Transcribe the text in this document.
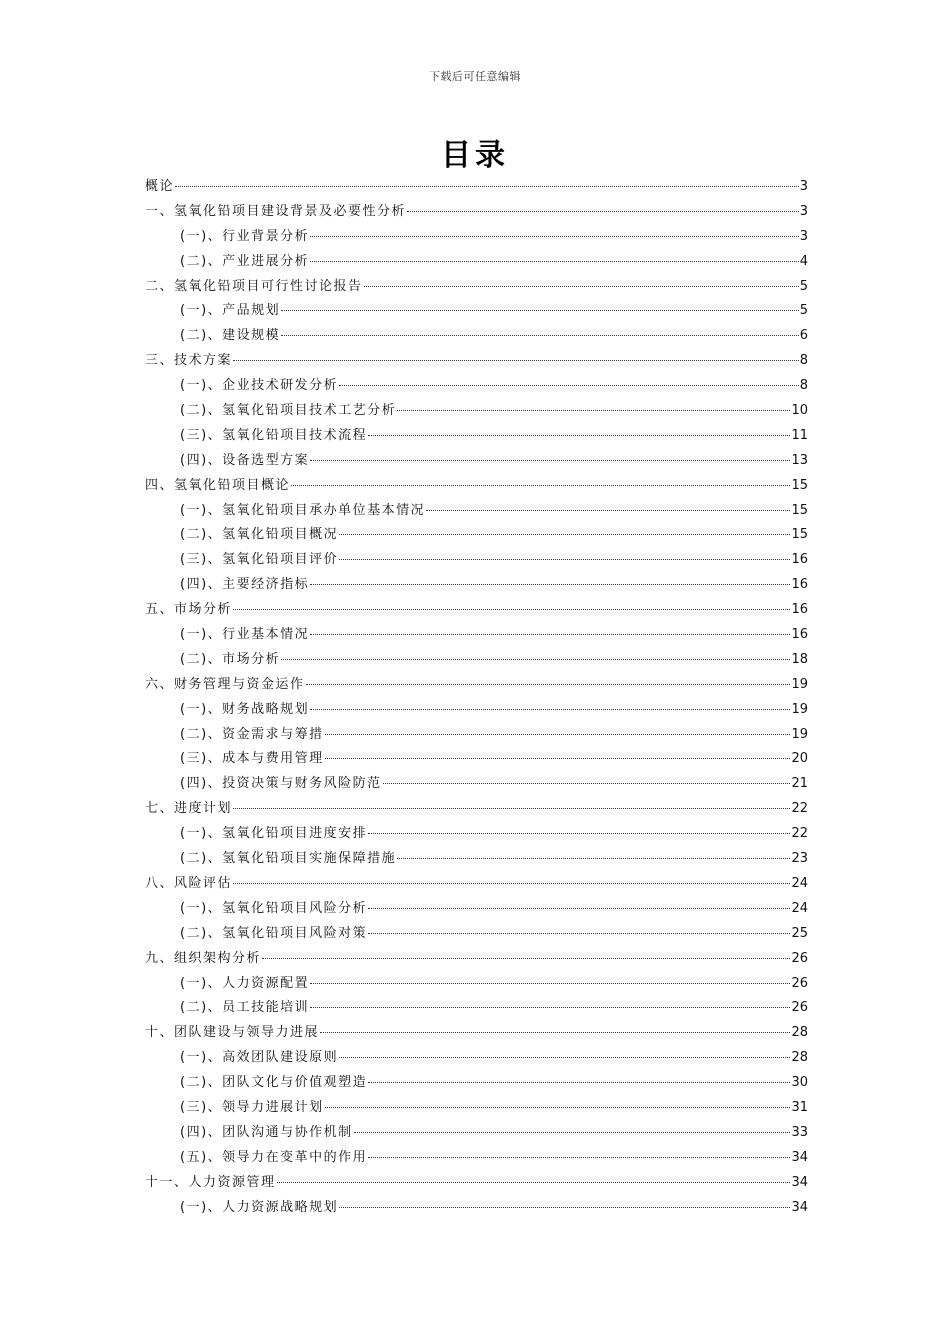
下载后可任意编辑
目录
概论	3
一、氢氧化铅项目建设背景及必要性分析	3
(一)、行业背景分析	3
(二)、产业进展分析	4
二、氢氧化铅项目可行性讨论报告	5
(一)、产品规划	5
(二)、建设规模	6
三、技术方案	8
(一)、企业技术研发分析	8
(二)、氢氧化铅项目技术工艺分析	10
(三)、氢氧化铅项目技术流程	11
(四)、设备选型方案	13
四、氢氧化铅项目概论	15
(一)、氢氧化铅项目承办单位基本情况	15
(二)、氢氧化铅项目概况	15
(三)、氢氧化铅项目评价	16
(四)、主要经济指标	16
五、市场分析	16
(一)、行业基本情况	16
(二)、市场分析	18
六、财务管理与资金运作	19
(一)、财务战略规划	19
(二)、资金需求与筹措	19
(三)、成本与费用管理	20
(四)、投资决策与财务风险防范	21
七、进度计划	22
(一)、氢氧化铅项目进度安排	22
(二)、氢氧化铅项目实施保障措施	23
八、风险评估	24
(一)、氢氧化铅项目风险分析	24
(二)、氢氧化铅项目风险对策	25
九、组织架构分析	26
(一)、人力资源配置	26
(二)、员工技能培训	26
十、团队建设与领导力进展	28
(一)、高效团队建设原则	28
(二)、团队文化与价值观塑造	30
(三)、领导力进展计划	31
(四)、团队沟通与协作机制	33
(五)、领导力在变革中的作用	34
十一、人力资源管理	34
(一)、人力资源战略规划	34
